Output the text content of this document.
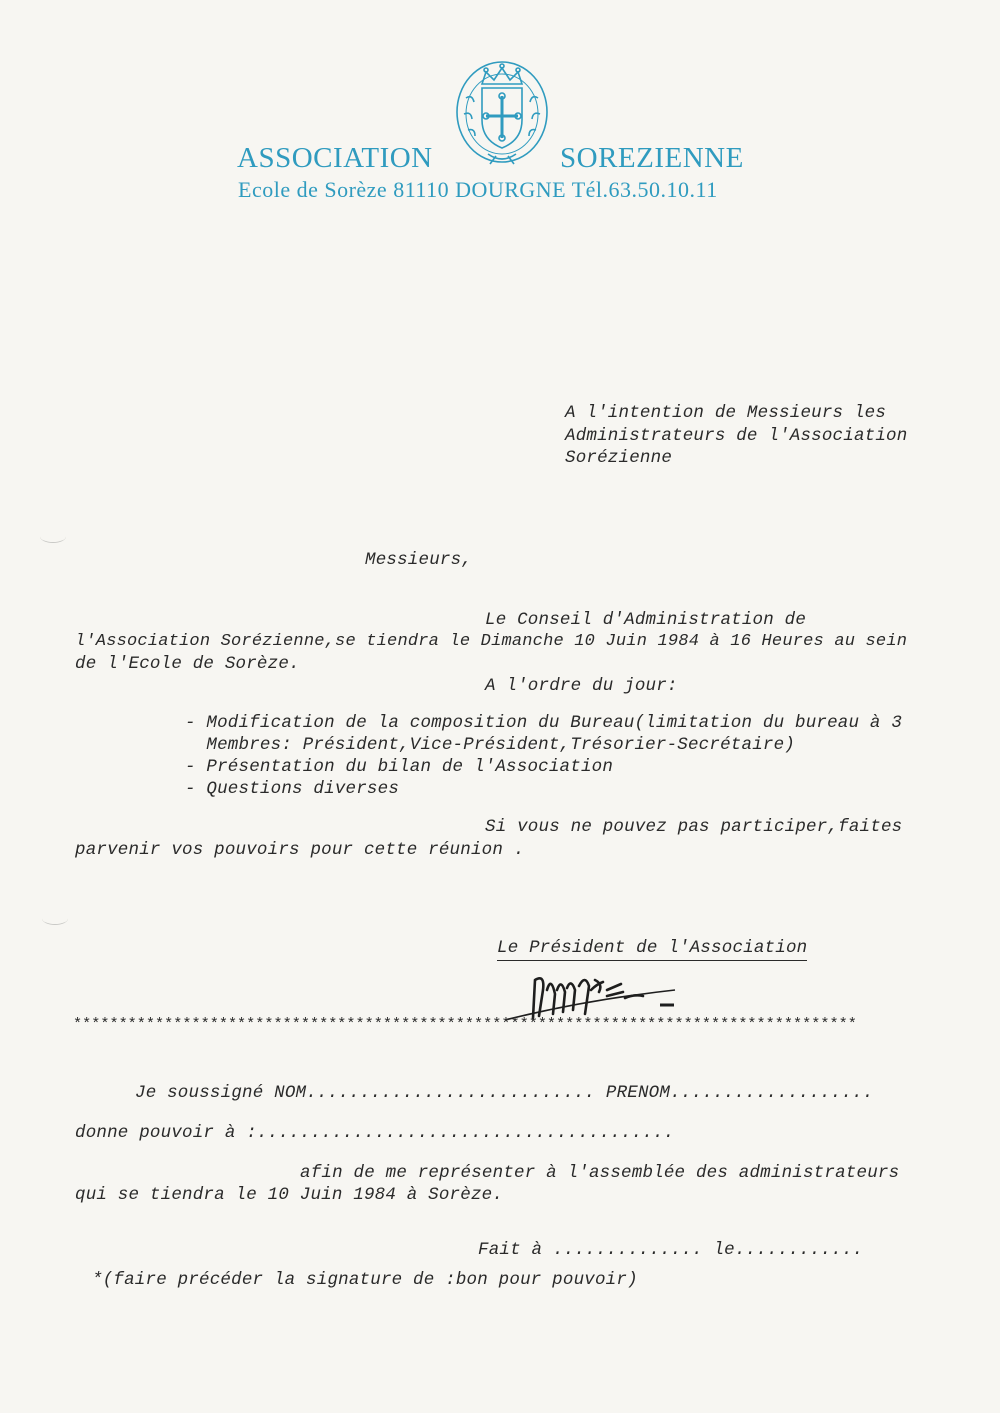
ASSOCIATION	SOREZIENNE
Ecole de Sorèze 81110 DOURGNE Tél.63.50.10.11
A l'intention de Messieurs les
Administrateurs de l'Association
Sorézienne
Messieurs,
Le Conseil d'Administration de
l'Association Sorézienne,se tiendra le Dimanche 10 Juin 1984 à 16 Heures au sein
de l'Ecole de Sorèze.
A l'ordre du jour:
- Modification de la composition du Bureau(limitation du bureau à 3
Membres: Président,Vice-Président,Trésorier-Secrétaire)
- Présentation du bilan de l'Association
- Questions diverses
Si vous ne pouvez pas participer,faites
parvenir vos pouvoirs pour cette réunion .
Le Président de l'Association
**************************************************************************************
Je soussigné NOM........................... PRENOM...................
donne pouvoir à :.......................................
afin de me représenter à l'assemblée des administrateurs
qui se tiendra le 10 Juin 1984 à Sorèze.
Fait à .............. le............
*(faire précéder la signature de :bon pour pouvoir)
